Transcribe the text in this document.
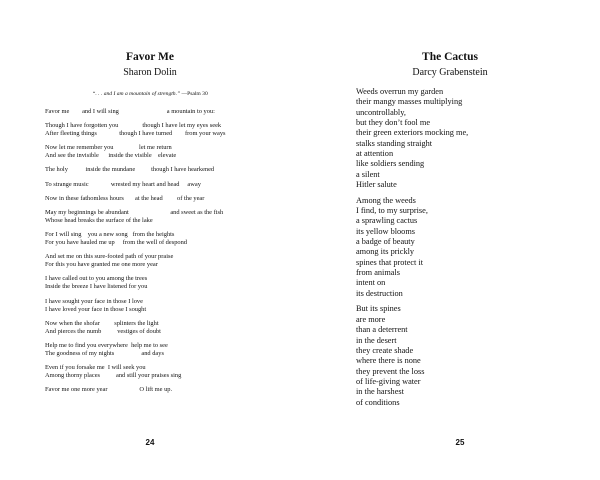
Favor Me
Sharon Dolin
“. . . and I am a mountain of strength.” —Psalm 30
Favor me        and I will sing                              a mountain to you:
Though I have forgotten you               though I have let my eyes seek
After fleeting things              though I have turned        from your ways
Now let me remember you                let me return
And see the invisible      inside the visible    elevate
The holy           inside the mundane          though I have hearkened
To strange music              wrested my heart and head     away
Now in these fathomless hours       at the head         of the year
May my beginnings be abundant                          and sweet as the fish
Whose head breaks the surface of the lake
For I will sing    you a new song   from the heights
For you have hauled me up     from the well of despond
And set me on this sure-footed path of your praise
For this you have granted me one more year
I have called out to you among the trees
Inside the breeze I have listened for you
I have sought your face in those I love
I have loved your face in those I sought
Now when the shofar         splinters the light
And pierces the numb          vestiges of doubt
Help me to find you everywhere  help me to see
The goodness of my nights                 and days
Even if you forsake me  I will seek you
Among thorny places          and still your praises sing
Favor me one more year                    O lift me up.
24
The Cactus
Darcy Grabenstein
25
Weeds overrun my garden
their mangy masses multiplying
uncontrollably,
but they don’t fool me
their green exteriors mocking me,
stalks standing straight
at attention
like soldiers sending
a silent
Hitler salute
Among the weeds
I find, to my surprise,
a sprawling cactus
its yellow blooms
a badge of beauty
among its prickly
spines that protect it
from animals
intent on
its destruction
But its spines
are more
than a deterrent
in the desert
they create shade
where there is none
they prevent the loss
of life-giving water
in the harshest
of conditions
